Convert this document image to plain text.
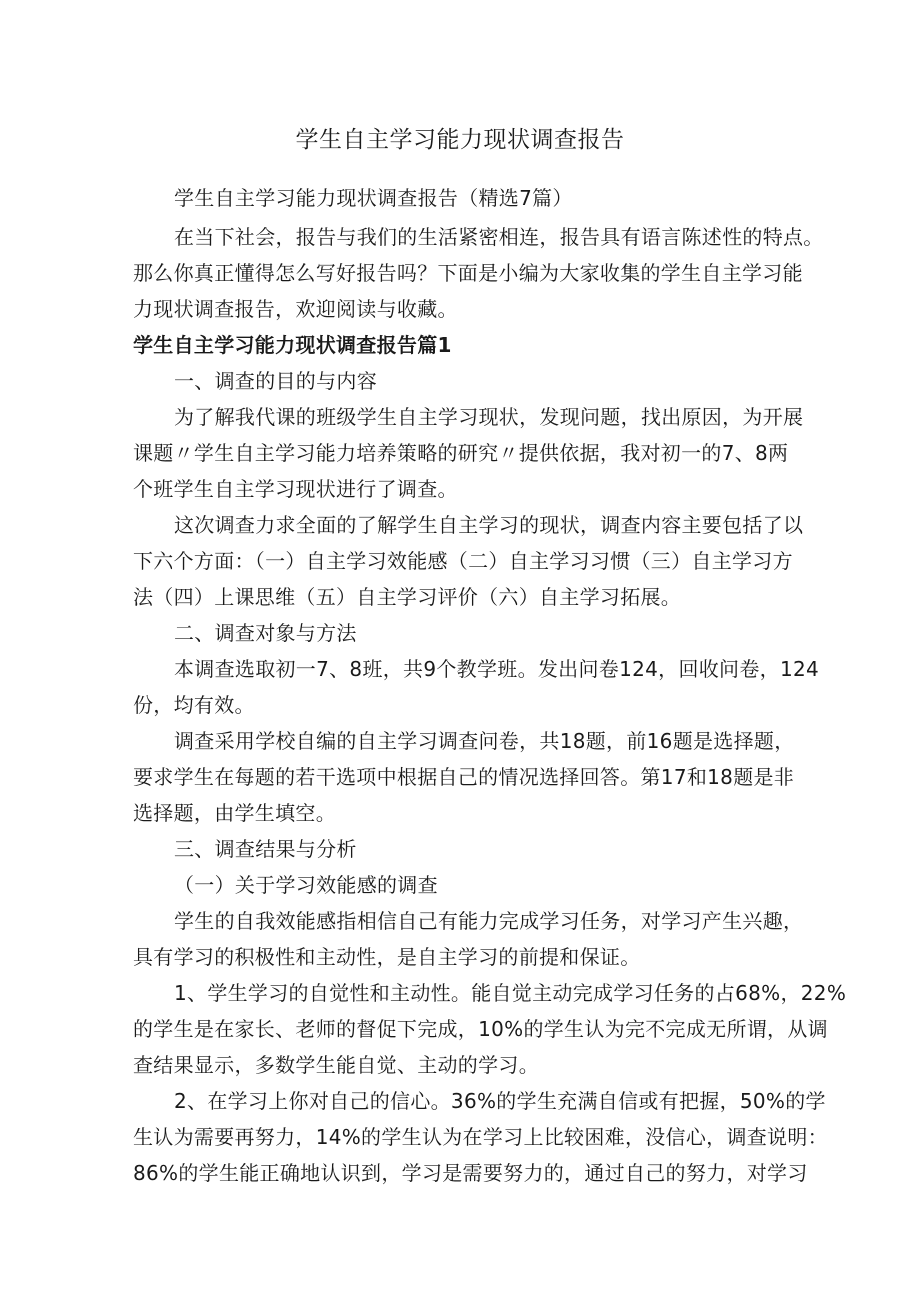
学生自主学习能力现状调查报告
学生自主学习能力现状调查报告（精选7篇）
在当下社会，报告与我们的生活紧密相连，报告具有语言陈述性的特点。
那么你真正懂得怎么写好报告吗？下面是小编为大家收集的学生自主学习能
力现状调查报告，欢迎阅读与收藏。
学生自主学习能力现状调查报告篇1
一、调查的目的与内容
为了解我代课的班级学生自主学习现状，发现问题，找出原因，为开展
课题〃学生自主学习能力培养策略的研究〃提供依据，我对初一的7、8两
个班学生自主学习现状进行了调查。
这次调查力求全面的了解学生自主学习的现状，调查内容主要包括了以
下六个方面：（一）自主学习效能感（二）自主学习习惯（三）自主学习方
法（四）上课思维（五）自主学习评价（六）自主学习拓展。
二、调查对象与方法
本调查选取初一7、8班，共9个教学班。发出问卷124，回收问卷，124
份，均有效。
调查采用学校自编的自主学习调查问卷，共18题，前16题是选择题，
要求学生在每题的若干选项中根据自己的情况选择回答。第17和18题是非
选择题，由学生填空。
三、调查结果与分析
（一）关于学习效能感的调查
学生的自我效能感指相信自己有能力完成学习任务，对学习产生兴趣，
具有学习的积极性和主动性，是自主学习的前提和保证。
1、学生学习的自觉性和主动性。能自觉主动完成学习任务的占68%，22%
的学生是在家长、老师的督促下完成，10%的学生认为完不完成无所谓，从调
查结果显示，多数学生能自觉、主动的学习。
2、在学习上你对自己的信心。36%的学生充满自信或有把握，50%的学
生认为需要再努力，14%的学生认为在学习上比较困难，没信心，调查说明：
86%的学生能正确地认识到，学习是需要努力的，通过自己的努力，对学习
